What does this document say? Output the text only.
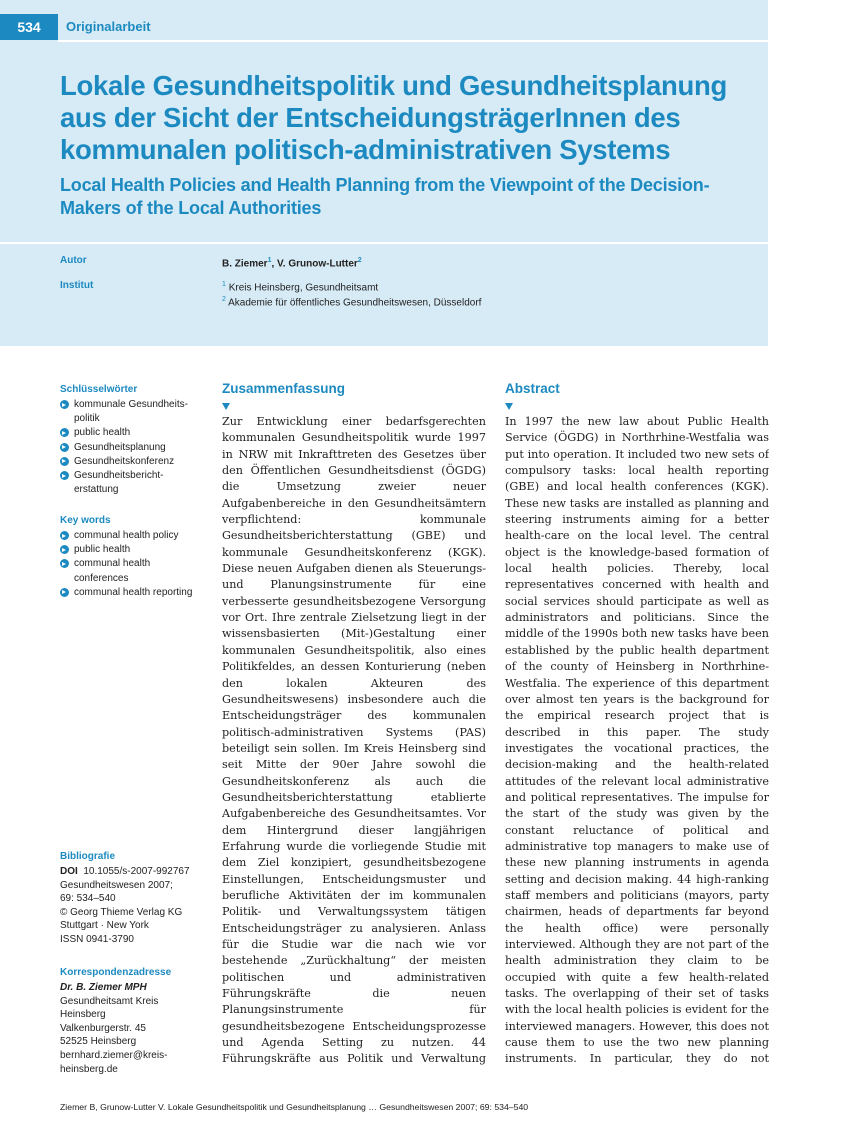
534	Originalarbeit
Lokale Gesundheitspolitik und Gesundheitsplanung
aus der Sicht der EntscheidungsträgerInnen des
kommunalen politisch-administrativen Systems
Local Health Policies and Health Planning from the Viewpoint of the Decision-
Makers of the Local Authorities
Autor	B. Ziemer$^1$, V. Grunow-Lutter$^2$
Institut	$^1$ Kreis Heinsberg, Gesundheitsamt
$^2$ Akademie für öffentliches Gesundheitswesen, Düsseldorf
Schlüsselwörter
kommunale Gesundheits- politik
public health
Gesundheitsplanung
Gesundheitskonferenz
Gesundheitsbericht- erstattung
Key words
communal health policy
public health
communal health conferences
communal health reporting
Bibliografie
DOI 10.1055/s-2007-992767
Gesundheitswesen 2007;
69: 534–540
© Georg Thieme Verlag KG
Stuttgart · New York
ISSN 0941-3790
Korrespondenzadresse
Dr. B. Ziemer MPH
Gesundheitsamt Kreis
Heinsberg
Valkenburgerstr. 45
52525 Heinsberg
bernhard.ziemer@kreis-
heinsberg.de
Zusammenfassung

Zur Entwicklung einer bedarfsgerechten kommunalen Gesundheitspolitik wurde 1997 in NRW mit Inkrafttreten des Gesetzes über den Öffentlichen Gesundheitsdienst (ÖGDG) die Umsetzung zweier neuer Aufgabenbereiche in den Gesundheitsämtern verpflichtend: kommunale Gesundheitsberichterstattung (GBE) und kommunale Gesundheitskonferenz (KGK). Diese neuen Aufgaben dienen als Steuerungs- und Planungsinstrumente für eine verbesserte gesundheitsbezogene Versorgung vor Ort. Ihre zentrale Zielsetzung liegt in der wissensbasierten (Mit-)Gestaltung einer kommunalen Gesundheitspolitik, also eines Politikfeldes, an dessen Konturierung (neben den lokalen Akteuren des Gesundheitswesens) insbesondere auch die Entscheidungsträger des kommunalen politisch-administrativen Systems (PAS) beteiligt sein sollen. Im Kreis Heinsberg sind seit Mitte der 90er Jahre sowohl die Gesundheitskonferenz als auch die Gesundheitsberichterstattung etablierte Aufgabenbereiche des Gesundheitsamtes. Vor dem Hintergrund dieser langjährigen Erfahrung wurde die vorliegende Studie mit dem Ziel konzipiert, gesundheitsbezogene Einstellungen, Entscheidungsmuster und berufliche Aktivitäten der im kommunalen Politik- und Verwaltungssystem tätigen Entscheidungsträger zu analysieren. Anlass für die Studie war die nach wie vor bestehende „Zurückhaltung“ der meisten politischen und administrativen Führungskräfte die neuen Planungsinstrumente für gesundheitsbezogene Entscheidungsprozesse und Agenda Setting zu nutzen. 44 Führungskräfte aus Politik und Verwaltung

Abstract

In 1997 the new law about Public Health Service (ÖGDG) in Northrhine-Westfalia was put into operation. It included two new sets of compulsory tasks: local health reporting (GBE) and local health conferences (KGK). These new tasks are installed as planning and steering instruments aiming for a better health-care on the local level. The central object is the knowledge-based formation of local health policies. Thereby, local representatives concerned with health and social services should participate as well as administrators and politicians. Since the middle of the 1990s both new tasks have been established by the public health department of the county of Heinsberg in Northrhine-Westfalia. The experience of this department over almost ten years is the background for the empirical research project that is described in this paper. The study investigates the vocational practices, the decision-making and the health-related attitudes of the relevant local administrative and political representatives. The impulse for the start of the study was given by the constant reluctance of political and administrative top managers to make use of these new planning instruments in agenda setting and decision making. 44 high-ranking staff members and politicians (mayors, party chairmen, heads of departments far beyond the health office) were personally interviewed. Although they are not part of the health administration they claim to be occupied with quite a few health-related tasks. The overlapping of their set of tasks with the local health policies is evident for the interviewed managers. However, this does not cause them to use the two new planning instruments. In particular, they do not

Ziemer B, Grunow-Lutter V. Lokale Gesundheitspolitik und Gesundheitsplanung … Gesundheitswesen 2007; 69: 534–540
